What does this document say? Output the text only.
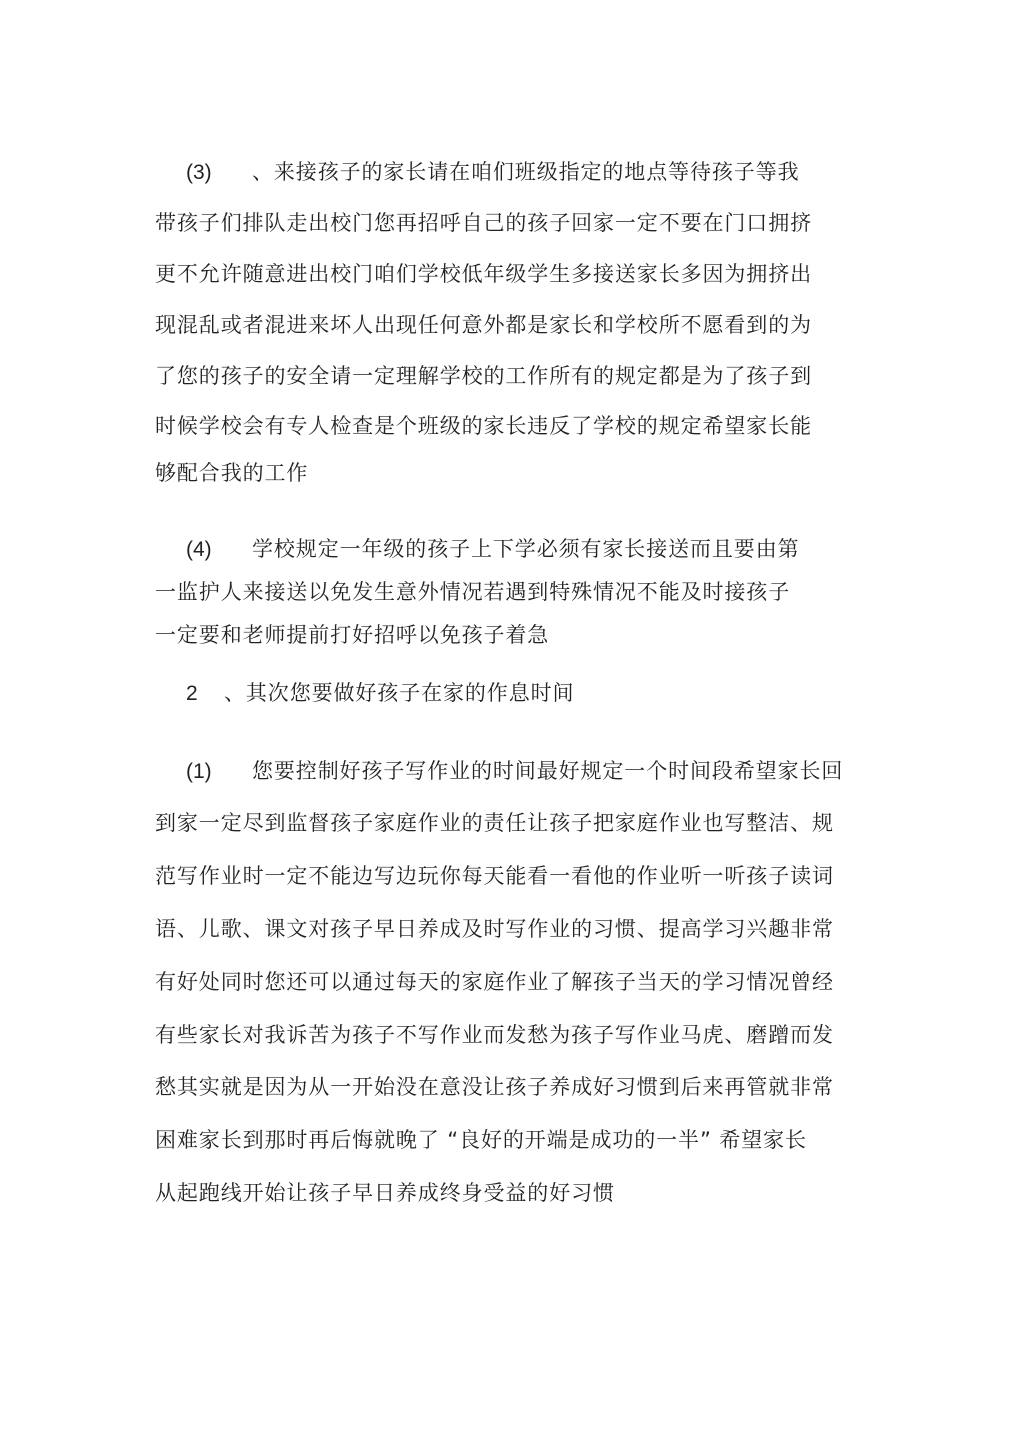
(3) 、来接孩子的家长请在咱们班级指定的地点等待孩子等我
带孩子们排队走出校门您再招呼自己的孩子回家一定不要在门口拥挤
更不允许随意进出校门咱们学校低年级学生多接送家长多因为拥挤出
现混乱或者混进来坏人出现任何意外都是家长和学校所不愿看到的为
了您的孩子的安全请一定理解学校的工作所有的规定都是为了孩子到
时候学校会有专人检查是个班级的家长违反了学校的规定希望家长能
够配合我的工作
(4) 学校规定一年级的孩子上下学必须有家长接送而且要由第
一监护人来接送以免发生意外情况若遇到特殊情况不能及时接孩子
一定要和老师提前打好招呼以免孩子着急
2 、其次您要做好孩子在家的作息时间
(1) 您要控制好孩子写作业的时间最好规定一个时间段希望家长回
到家一定尽到监督孩子家庭作业的责任让孩子把家庭作业也写整洁、规
范写作业时一定不能边写边玩你每天能看一看他的作业听一听孩子读词
语、儿歌、课文对孩子早日养成及时写作业的习惯、提高学习兴趣非常
有好处同时您还可以通过每天的家庭作业了解孩子当天的学习情况曾经
有些家长对我诉苦为孩子不写作业而发愁为孩子写作业马虎、磨蹭而发
愁其实就是因为从一开始没在意没让孩子养成好习惯到后来再管就非常
困难家长到那时再后悔就晚了 “良好的开端是成功的一半” 希望家长
从起跑线开始让孩子早日养成终身受益的好习惯
